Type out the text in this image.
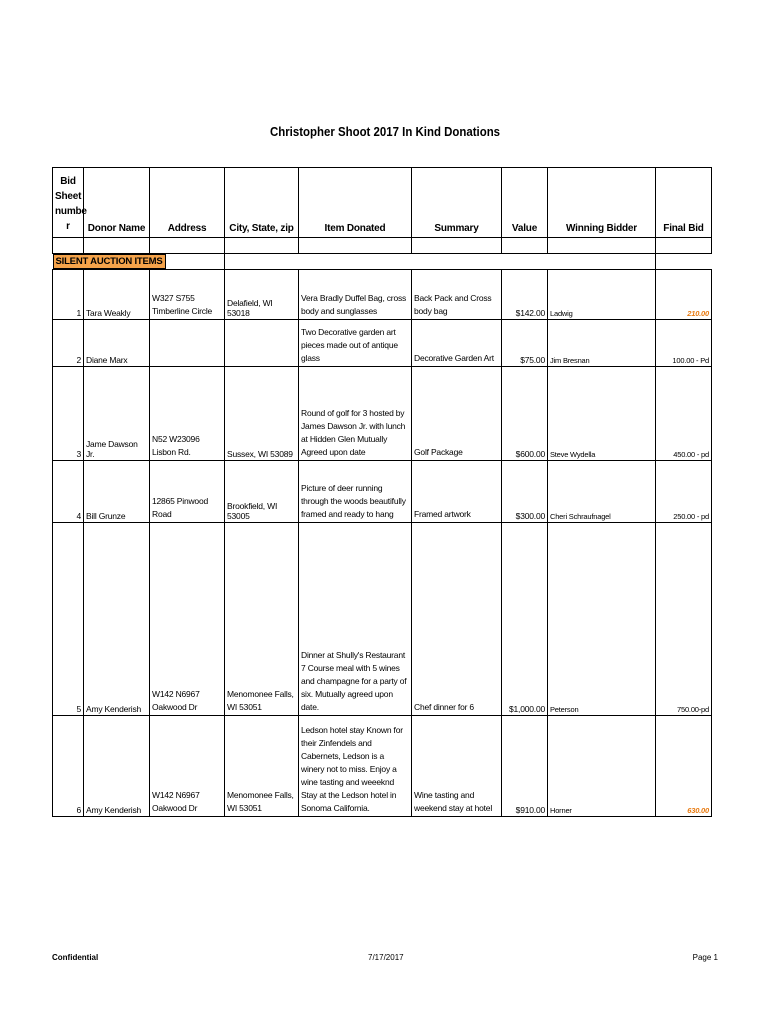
Christopher Shoot 2017 In Kind Donations
Bid
Sheet
numbe
r	Donor Name	Address	City, State, zip	Item Donated	Summary	Value	Winning Bidder	Final Bid

SILENT AUCTION ITEMS								
1	Tara Weakly	W327 S755 Timberline Circle	Delafield, WI 53018	Vera Bradly Duffel Bag, cross body and sunglasses	Back Pack and Cross body bag	$142.00	Ladwig	210.00
2	Diane Marx			Two Decorative garden art pieces made out of antique glass	Decorative Garden Art	$75.00	Jim Bresnan	100.00 - Pd
3	Jame Dawson Jr.	N52 W23096 Lisbon Rd.	Sussex, WI 53089	Round of golf for 3 hosted by James Dawson Jr. with lunch at Hidden Glen Mutually Agreed upon date	Golf Package	$600.00	Steve Wydella	450.00 - pd
4	Bill Grunze	12865 Pinwood Road	Brookfield, WI 53005	Picture of deer running through the woods beautifully framed and ready to hang	Framed artwork	$300.00	Cheri Schraufnagel	250.00 - pd
5	Amy Kenderish	W142 N6967 Oakwood Dr	Menomonee Falls, WI 53051	Dinner at Shully's Restaurant 7 Course meal with 5 wines and champagne for a party of six. Mutually agreed upon date.	Chef dinner for 6	$1,000.00	Peterson	750.00-pd
6	Amy Kenderish	W142 N6967 Oakwood Dr	Menomonee Falls, WI 53051	Ledson hotel stay Known for their Zinfendels and Cabernets, Ledson is a winery not to miss. Enjoy a wine tasting and weeeknd Stay at the Ledson hotel in Sonoma California.	Wine tasting and weekend stay at hotel	$910.00	Horner	630.00
Confidential	7/17/2017	Page 1
